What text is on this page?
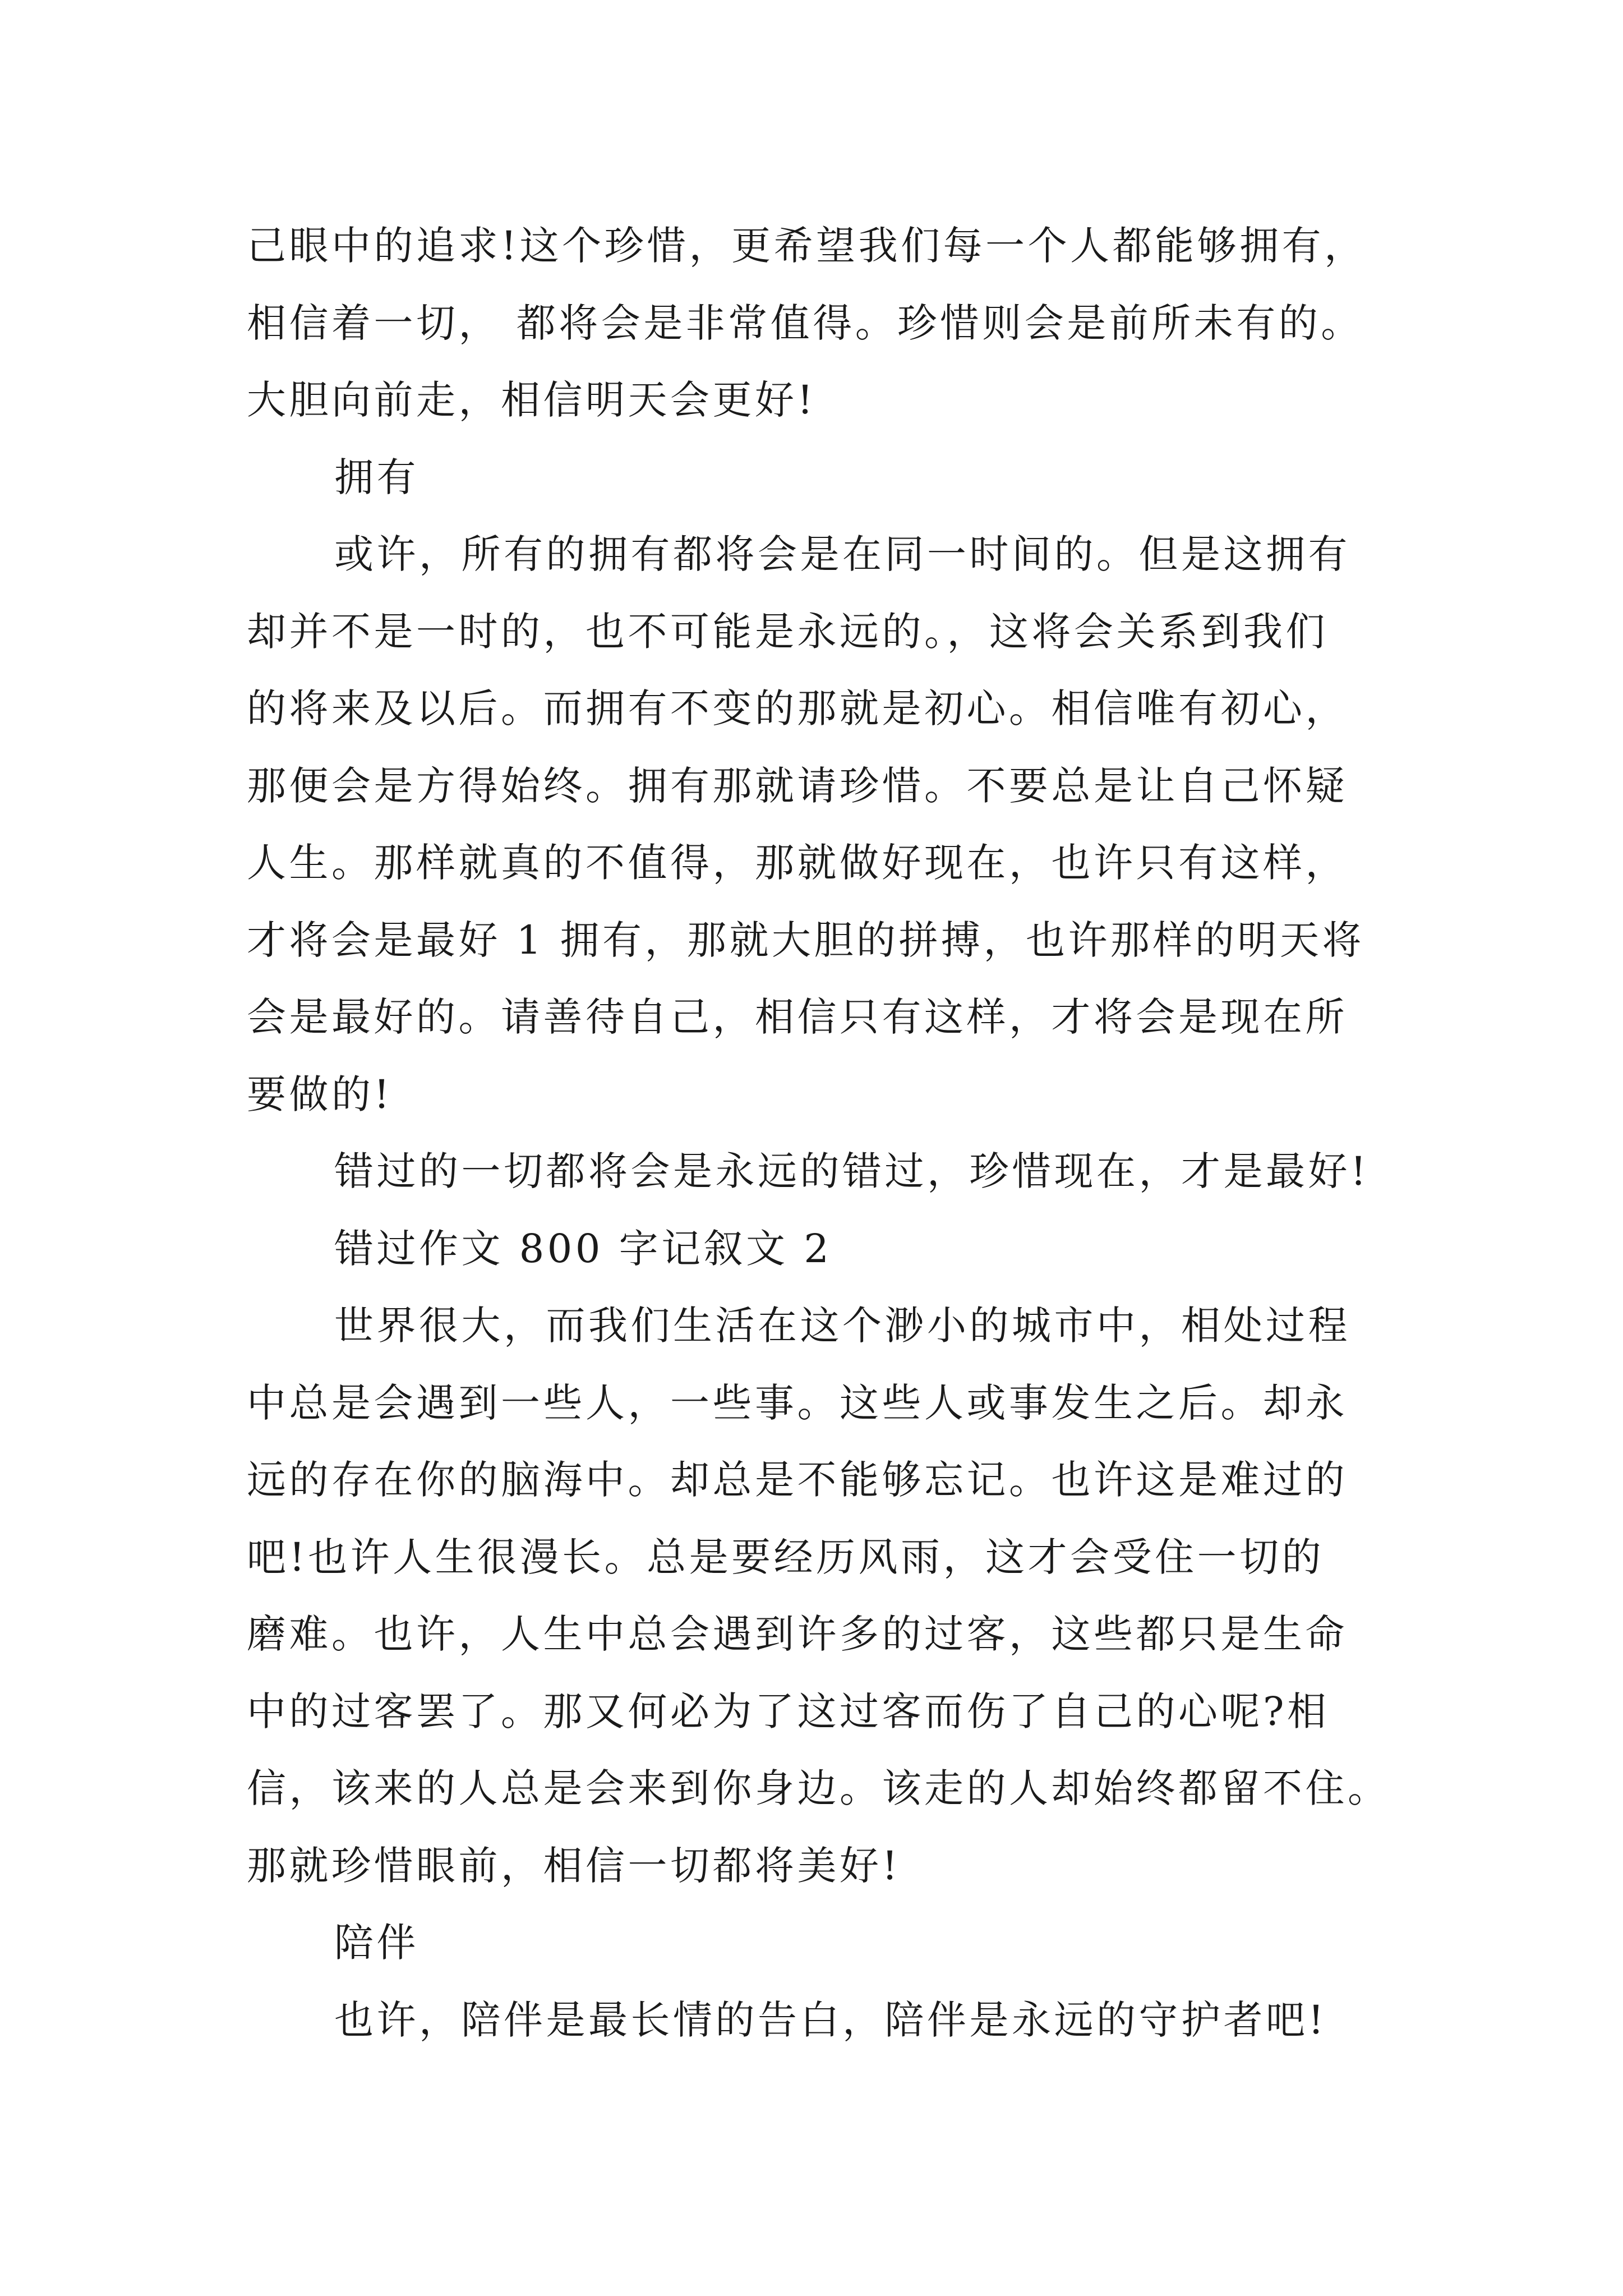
己眼中的追求!这个珍惜，更希望我们每一个人都能够拥有，
相信着一切， 都将会是非常值得。珍惜则会是前所未有的。
大胆向前走，相信明天会更好!
拥有
或许，所有的拥有都将会是在同一时间的。但是这拥有
却并不是一时的，也不可能是永远的。，这将会关系到我们
的将来及以后。而拥有不变的那就是初心。相信唯有初心，
那便会是方得始终。拥有那就请珍惜。不要总是让自己怀疑
人生。那样就真的不值得，那就做好现在，也许只有这样，
才将会是最好 1 拥有，那就大胆的拼搏，也许那样的明天将
会是最好的。请善待自己，相信只有这样，才将会是现在所
要做的!
错过的一切都将会是永远的错过，珍惜现在，才是最好!
错过作文 800 字记叙文 2
世界很大，而我们生活在这个渺小的城市中，相处过程
中总是会遇到一些人，一些事。这些人或事发生之后。却永
远的存在你的脑海中。却总是不能够忘记。也许这是难过的
吧!也许人生很漫长。总是要经历风雨，这才会受住一切的
磨难。也许，人生中总会遇到许多的过客，这些都只是生命
中的过客罢了。那又何必为了这过客而伤了自己的心呢?相
信，该来的人总是会来到你身边。该走的人却始终都留不住。
那就珍惜眼前，相信一切都将美好!
陪伴
也许，陪伴是最长情的告白，陪伴是永远的守护者吧!
